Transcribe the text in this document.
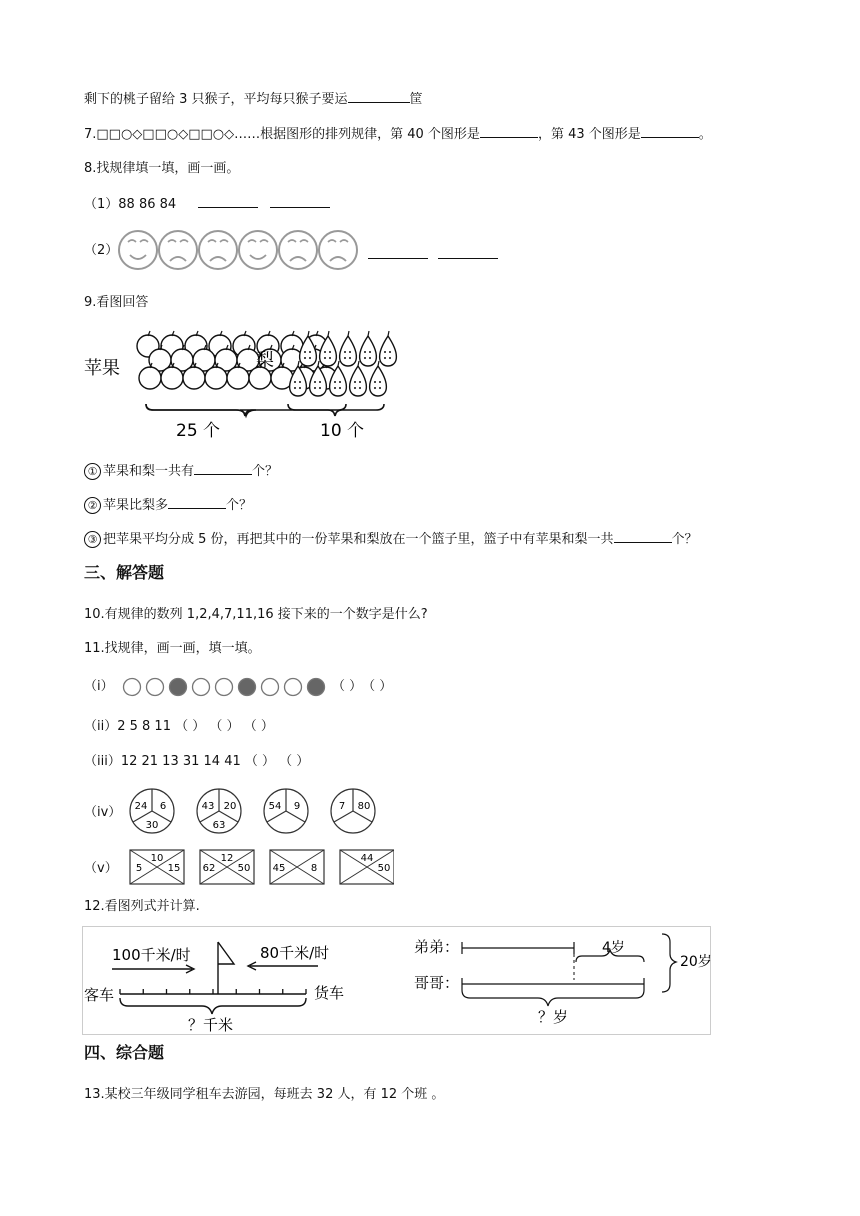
剩下的桃子留给 3 只猴子，平均每只猴子要运	筐
7.□□○◇□□○◇□□○◇……根据图形的排列规律，第 40 个图形是	，第 43 个图形是	。
8.找规律填一填，画一画。
（1）88 86 84
（2）
9.看图回答
苹果
25 个
梨
10 个
① 苹果和梨一共有	个？
② 苹果比梨多	个？
③ 把苹果平均分成 5 份，再把其中的一份苹果和梨放在一个篮子里，篮子中有苹果和梨一共	个？
三、解答题
10.有规律的数列 1,2,4,7,11,16 接下来的一个数字是什么?
11.找规律，画一画，填一填。
（i）	（ ）（ ）
（ii）2 5 8 11 （ ） （ ） （ ）
（iii）12 21 13 31 14 41 （ ） （ ）
（iv） 24 6
30
43 20
63
54 9	7 80
（v）
10
5	15
12
62 50 45	8
44
50
12.看图列式并计算.
100千米/时	80千米/时
客车	货车
？千米
弟弟：	4岁
哥哥：
20岁
？岁
四、综合题
13.某校三年级同学租车去游园，每班去 32 人，有 12 个班 。
